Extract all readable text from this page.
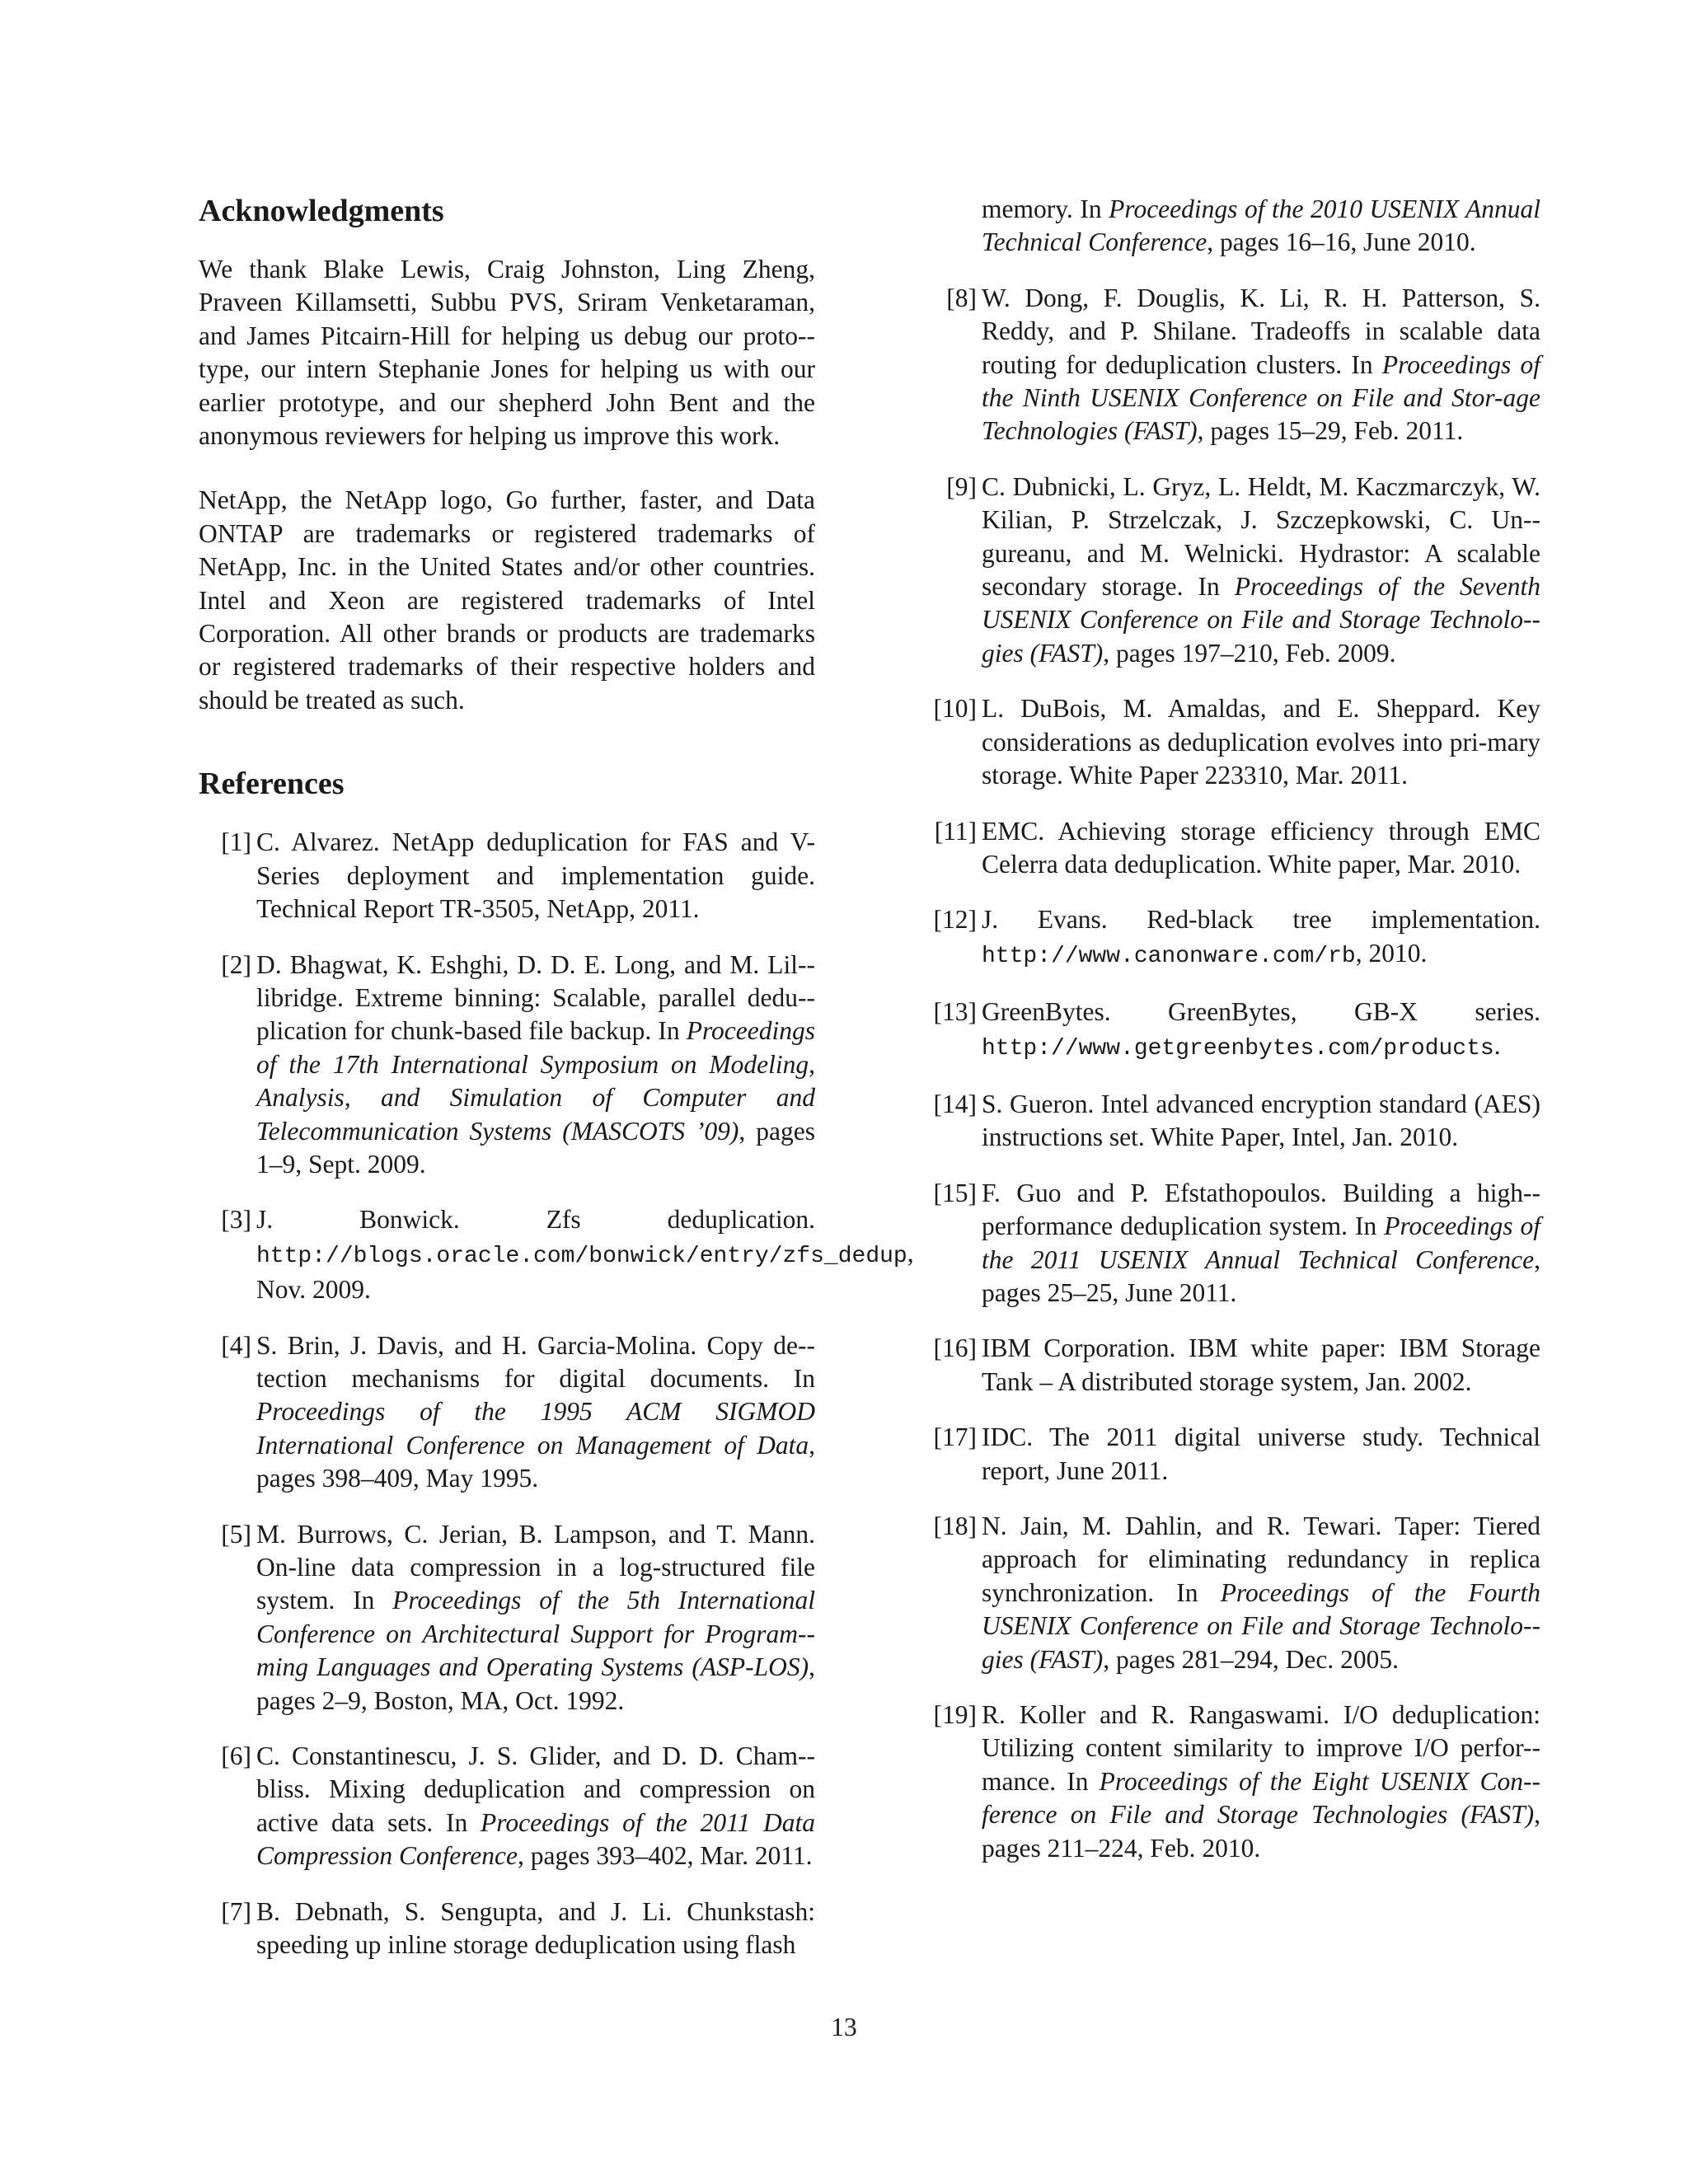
Acknowledgments

We thank Blake Lewis, Craig Johnston, Ling Zheng, Praveen Killamsetti, Subbu PVS, Sriram Venketaraman, and James Pitcairn-Hill for helping us debug our proto-type, our intern Stephanie Jones for helping us with our earlier prototype, and our shepherd John Bent and the anonymous reviewers for helping us improve this work.

NetApp, the NetApp logo, Go further, faster, and Data ONTAP are trademarks or registered trademarks of NetApp, Inc. in the United States and/or other countries. Intel and Xeon are registered trademarks of Intel Corporation. All other brands or products are trademarks or registered trademarks of their respective holders and should be treated as such.

References
[1] C. Alvarez. NetApp deduplication for FAS and V-Series deployment and implementation guide. Technical Report TR-3505, NetApp, 2011.
[2] D. Bhagwat, K. Eshghi, D. D. E. Long, and M. Lil-libridge. Extreme binning: Scalable, parallel dedu-plication for chunk-based file backup. In Proceedings of the 17th International Symposium on Modeling, Analysis, and Simulation of Computer and Telecommunication Systems (MASCOTS ’09), pages 1–9, Sept. 2009.
[3] J. Bonwick. Zfs deduplication. http://blogs.oracle.com/bonwick/entry/zfs_dedup, Nov. 2009.
[4] S. Brin, J. Davis, and H. Garcia-Molina. Copy de-tection mechanisms for digital documents. In Proceedings of the 1995 ACM SIGMOD International Conference on Management of Data, pages 398–409, May 1995.
[5] M. Burrows, C. Jerian, B. Lampson, and T. Mann. On-line data compression in a log-structured file system. In Proceedings of the 5th International Conference on Architectural Support for Program-ming Languages and Operating Systems (ASP-LOS), pages 2–9, Boston, MA, Oct. 1992.
[6] C. Constantinescu, J. S. Glider, and D. D. Cham-bliss. Mixing deduplication and compression on active data sets. In Proceedings of the 2011 Data Compression Conference, pages 393–402, Mar. 2011.
[7] B. Debnath, S. Sengupta, and J. Li. Chunkstash: speeding up inline storage deduplication using flash
memory. In Proceedings of the 2010 USENIX Annual Technical Conference, pages 16–16, June 2010.
[8] W. Dong, F. Douglis, K. Li, R. H. Patterson, S. Reddy, and P. Shilane. Tradeoffs in scalable data routing for deduplication clusters. In Proceedings of the Ninth USENIX Conference on File and Stor-age Technologies (FAST), pages 15–29, Feb. 2011.
[9] C. Dubnicki, L. Gryz, L. Heldt, M. Kaczmarczyk, W. Kilian, P. Strzelczak, J. Szczepkowski, C. Un-gureanu, and M. Welnicki. Hydrastor: A scalable secondary storage. In Proceedings of the Seventh USENIX Conference on File and Storage Technolo-gies (FAST), pages 197–210, Feb. 2009.
[10] L. DuBois, M. Amaldas, and E. Sheppard. Key considerations as deduplication evolves into pri-mary storage. White Paper 223310, Mar. 2011.
[11] EMC. Achieving storage efficiency through EMC Celerra data deduplication. White paper, Mar. 2010.
[12] J. Evans. Red-black tree implementation. http://www.canonware.com/rb, 2010.
[13] GreenBytes. GreenBytes, GB-X series. http://www.getgreenbytes.com/products.
[14] S. Gueron. Intel advanced encryption standard (AES) instructions set. White Paper, Intel, Jan. 2010.
[15] F. Guo and P. Efstathopoulos. Building a high-performance deduplication system. In Proceedings of the 2011 USENIX Annual Technical Conference, pages 25–25, June 2011.
[16] IBM Corporation. IBM white paper: IBM Storage Tank – A distributed storage system, Jan. 2002.
[17] IDC. The 2011 digital universe study. Technical report, June 2011.
[18] N. Jain, M. Dahlin, and R. Tewari. Taper: Tiered approach for eliminating redundancy in replica synchronization. In Proceedings of the Fourth USENIX Conference on File and Storage Technolo-gies (FAST), pages 281–294, Dec. 2005.
[19] R. Koller and R. Rangaswami. I/O deduplication: Utilizing content similarity to improve I/O perfor-mance. In Proceedings of the Eight USENIX Con-ference on File and Storage Technologies (FAST), pages 211–224, Feb. 2010.
13
